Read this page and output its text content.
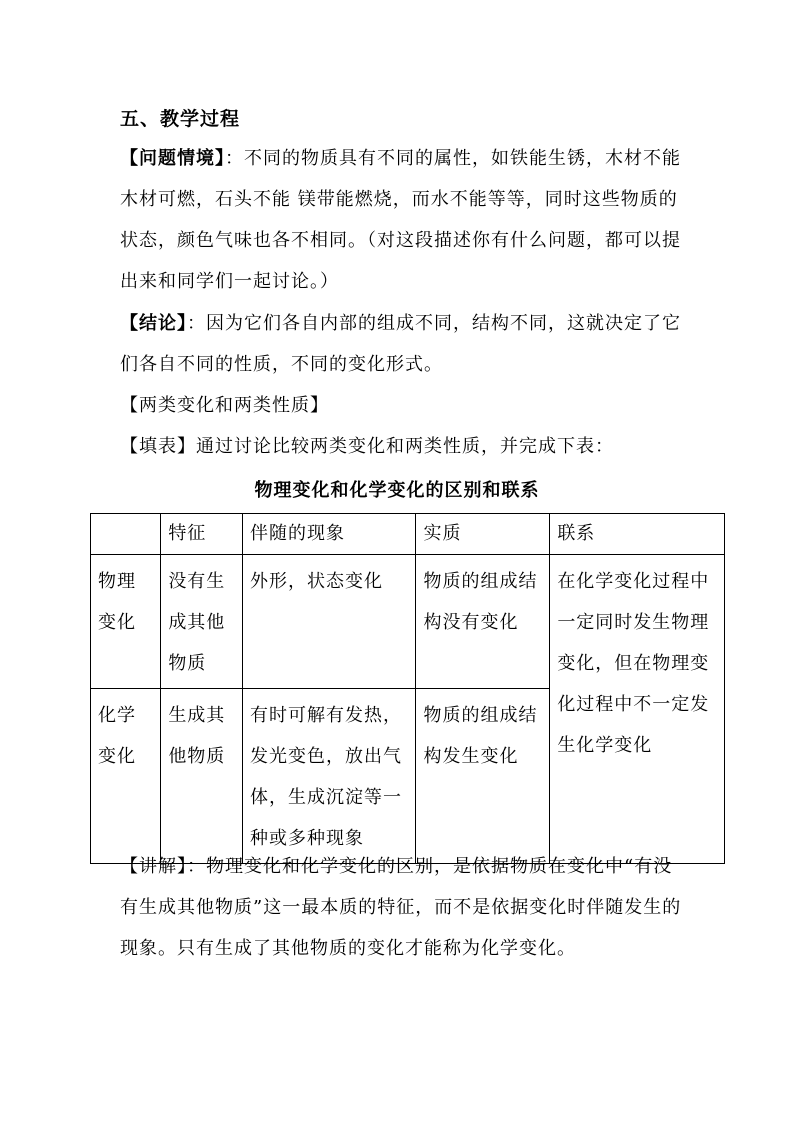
五、教学过程
【问题情境】：不同的物质具有不同的属性，如铁能生锈，木材不能木材可燃，石头不能 镁带能燃烧，而水不能等等，同时这些物质的状态，颜色气味也各不相同。（对这段描述你有什么问题，都可以提出来和同学们一起讨论。）
【结论】：因为它们各自内部的组成不同，结构不同，这就决定了它们各自不同的性质，不同的变化形式。
【两类变化和两类性质】
【填表】通过讨论比较两类变化和两类性质，并完成下表：
物理变化和化学变化的区别和联系
	特征	伴随的现象	实质	联系
物理变化	没有生成其他物质	外形，状态变化	物质的组成结构没有变化	在化学变化过程中一定同时发生物理变化，但在物理变化过程中不一定发生化学变化
化学变化	生成其他物质	有时可解有发热，发光变色，放出气体，生成沉淀等一种或多种现象	物质的组成结构发生变化	
【讲解】：物理变化和化学变化的区别，是依据物质在变化中“有没有生成其他物质”这一最本质的特征，而不是依据变化时伴随发生的现象。只有生成了其他物质的变化才能称为化学变化。
